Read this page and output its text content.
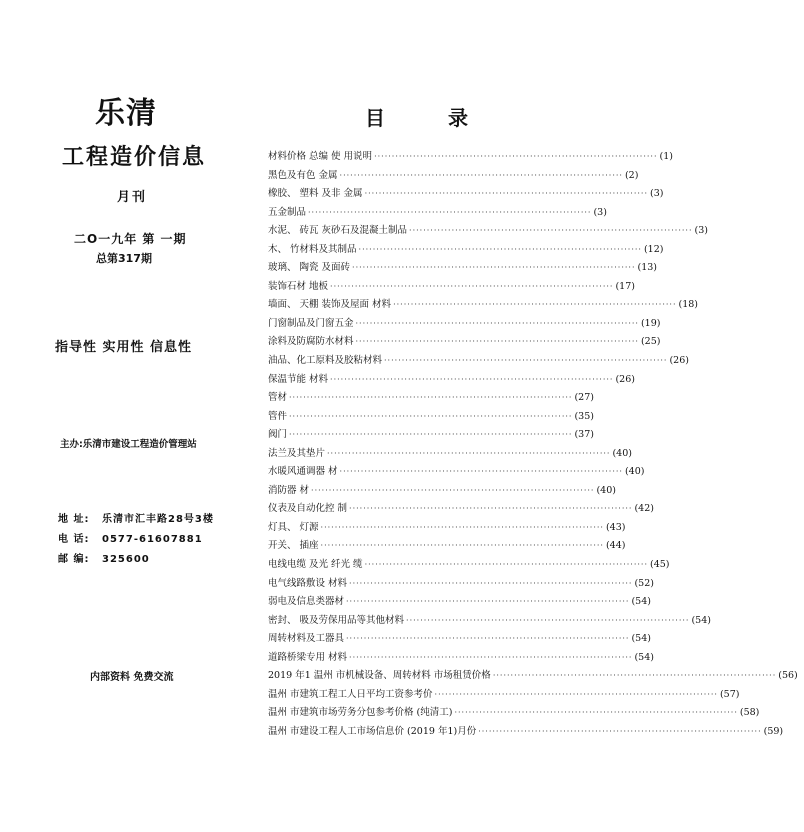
乐清
工程造价信息
月刊
二O一九年 第 一期
总第317期
指导性 实用性 信息性
主办:乐清市建设工程造价管理站
地 址: 乐清市汇丰路28号3楼
电 话: 0577-61607881
邮 编: 325600
内部资料 免费交流
目 录
材料价格 总编 使 用说明 ················································································ (1)
黑色及有色 金属 ················································································ (2)
橡胶、 塑料 及非 金属 ················································································ (3)
五金制品 ················································································ (3)
水泥、 砖瓦 灰砂石及混凝土制品 ················································································ (3)
木、 竹材料及其制品 ················································································ (12)
玻璃、 陶瓷 及面砖 ················································································ (13)
装饰石材 地板 ················································································ (17)
墙面、 天棚 装饰及屋面 材料 ················································································ (18)
门窗制品及门窗五金 ················································································ (19)
涂料及防腐防水材料 ················································································ (25)
油品、化工原料及胶粘材料 ················································································ (26)
保温节能 材料 ················································································ (26)
管材 ················································································ (27)
管件 ················································································ (35)
阀门 ················································································ (37)
法兰及其垫片 ················································································ (40)
水暖风通调器 材 ················································································ (40)
消防器 材 ················································································ (40)
仪表及自动化控 制 ················································································ (42)
灯具、 灯源 ················································································ (43)
开关、 插座 ················································································ (44)
电线电缆 及光 纤光 缆 ················································································ (45)
电气线路敷设 材料 ················································································ (52)
弱电及信息类器材 ················································································ (54)
密封、 吸及劳保用品等其他材料 ················································································ (54)
周转材料及工器具 ················································································ (54)
道路桥梁专用 材料 ················································································ (54)
2019 年1 温州 市机械设备、周转材料 市场租赁价格 ················································································ (56)
温州 市建筑工程工人日平均工资参考价 ················································································ (57)
温州 市建筑市场劳务分包参考价格 (纯清工) ················································································ (58)
温州 市建设工程人工市场信息价 (2019 年1)月份 ················································································ (59)
